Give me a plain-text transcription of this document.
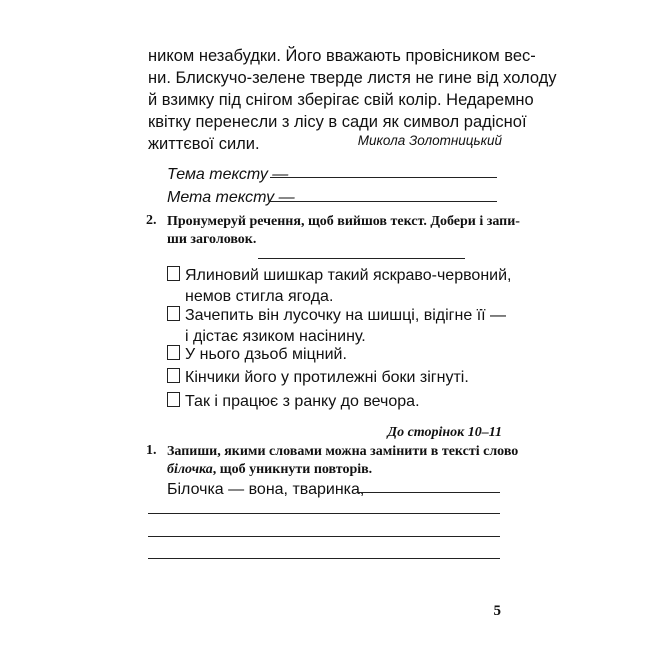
ником незабудки. Його вважають провісником вес-
ни. Блискучо-зелене тверде листя не гине від холоду
й взимку під снігом зберігає свій колір. Недаремно
квітку перенесли з лісу в сади як символ радісної
життєвої сили.	Микола Золотницький
Тема тексту —
Мета тексту —
2. Пронумеруй речення, щоб вийшов текст. Добери і запи-
ши заголовок.
Ялиновий шишкар такий яскраво-червоний,
немов стигла ягода.
Зачепить він лусочку на шишці, відігне її —
і дістає язиком насінину.
У нього дзьоб міцний.
Кінчики його у протилежні боки зігнуті.
Так і працює з ранку до вечора.
До сторінок 10–11
1. Запиши, якими словами можна замінити в тексті слово
білочка, щоб уникнути повторів.
Білочка — вона, тваринка,
5
